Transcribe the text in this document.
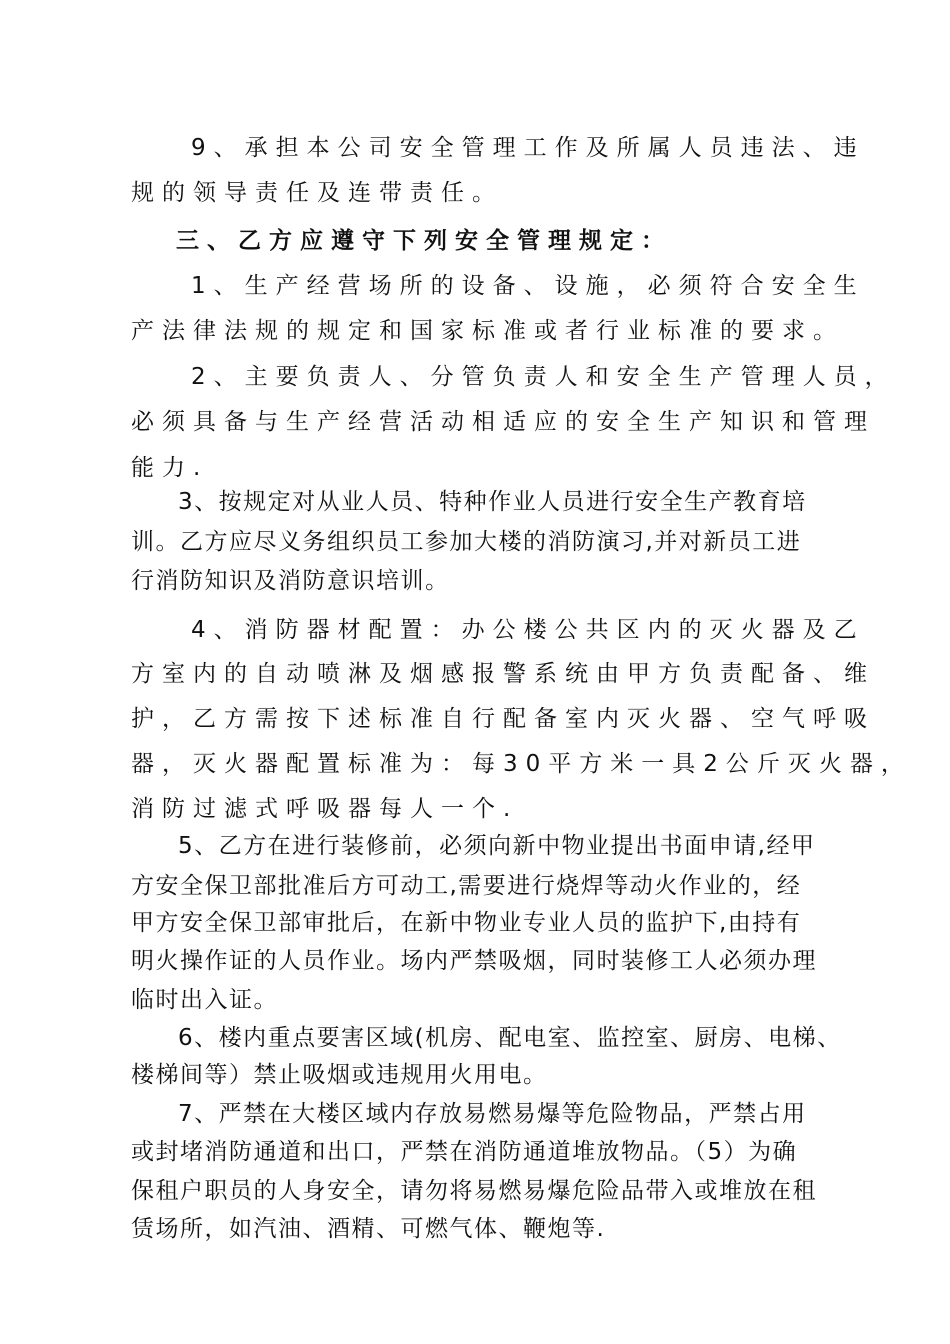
9、承担本公司安全管理工作及所属人员违法、违
规的领导责任及连带责任。
三、乙方应遵守下列安全管理规定：
1、生产经营场所的设备、设施，必须符合安全生
产法律法规的规定和国家标准或者行业标准的要求。
2、主要负责人、分管负责人和安全生产管理人员，
必须具备与生产经营活动相适应的安全生产知识和管理
能力.
3、按规定对从业人员、特种作业人员进行安全生产教育培
训。乙方应尽义务组织员工参加大楼的消防演习,并对新员工进
行消防知识及消防意识培训。
4、消防器材配置：办公楼公共区内的灭火器及乙
方室内的自动喷淋及烟感报警系统由甲方负责配备、维
护，乙方需按下述标准自行配备室内灭火器、空气呼吸
器，灭火器配置标准为：每30平方米一具2公斤灭火器，
消防过滤式呼吸器每人一个.
5、乙方在进行装修前，必须向新中物业提出书面申请,经甲
方安全保卫部批准后方可动工,需要进行烧焊等动火作业的，经
甲方安全保卫部审批后，在新中物业专业人员的监护下,由持有
明火操作证的人员作业。场内严禁吸烟，同时装修工人必须办理
临时出入证。
6、楼内重点要害区域(机房、配电室、监控室、厨房、电梯、
楼梯间等）禁止吸烟或违规用火用电。
7、严禁在大楼区域内存放易燃易爆等危险物品，严禁占用
或封堵消防通道和出口，严禁在消防通道堆放物品。（5）为确
保租户职员的人身安全，请勿将易燃易爆危险品带入或堆放在租
赁场所，如汽油、酒精、可燃气体、鞭炮等.
